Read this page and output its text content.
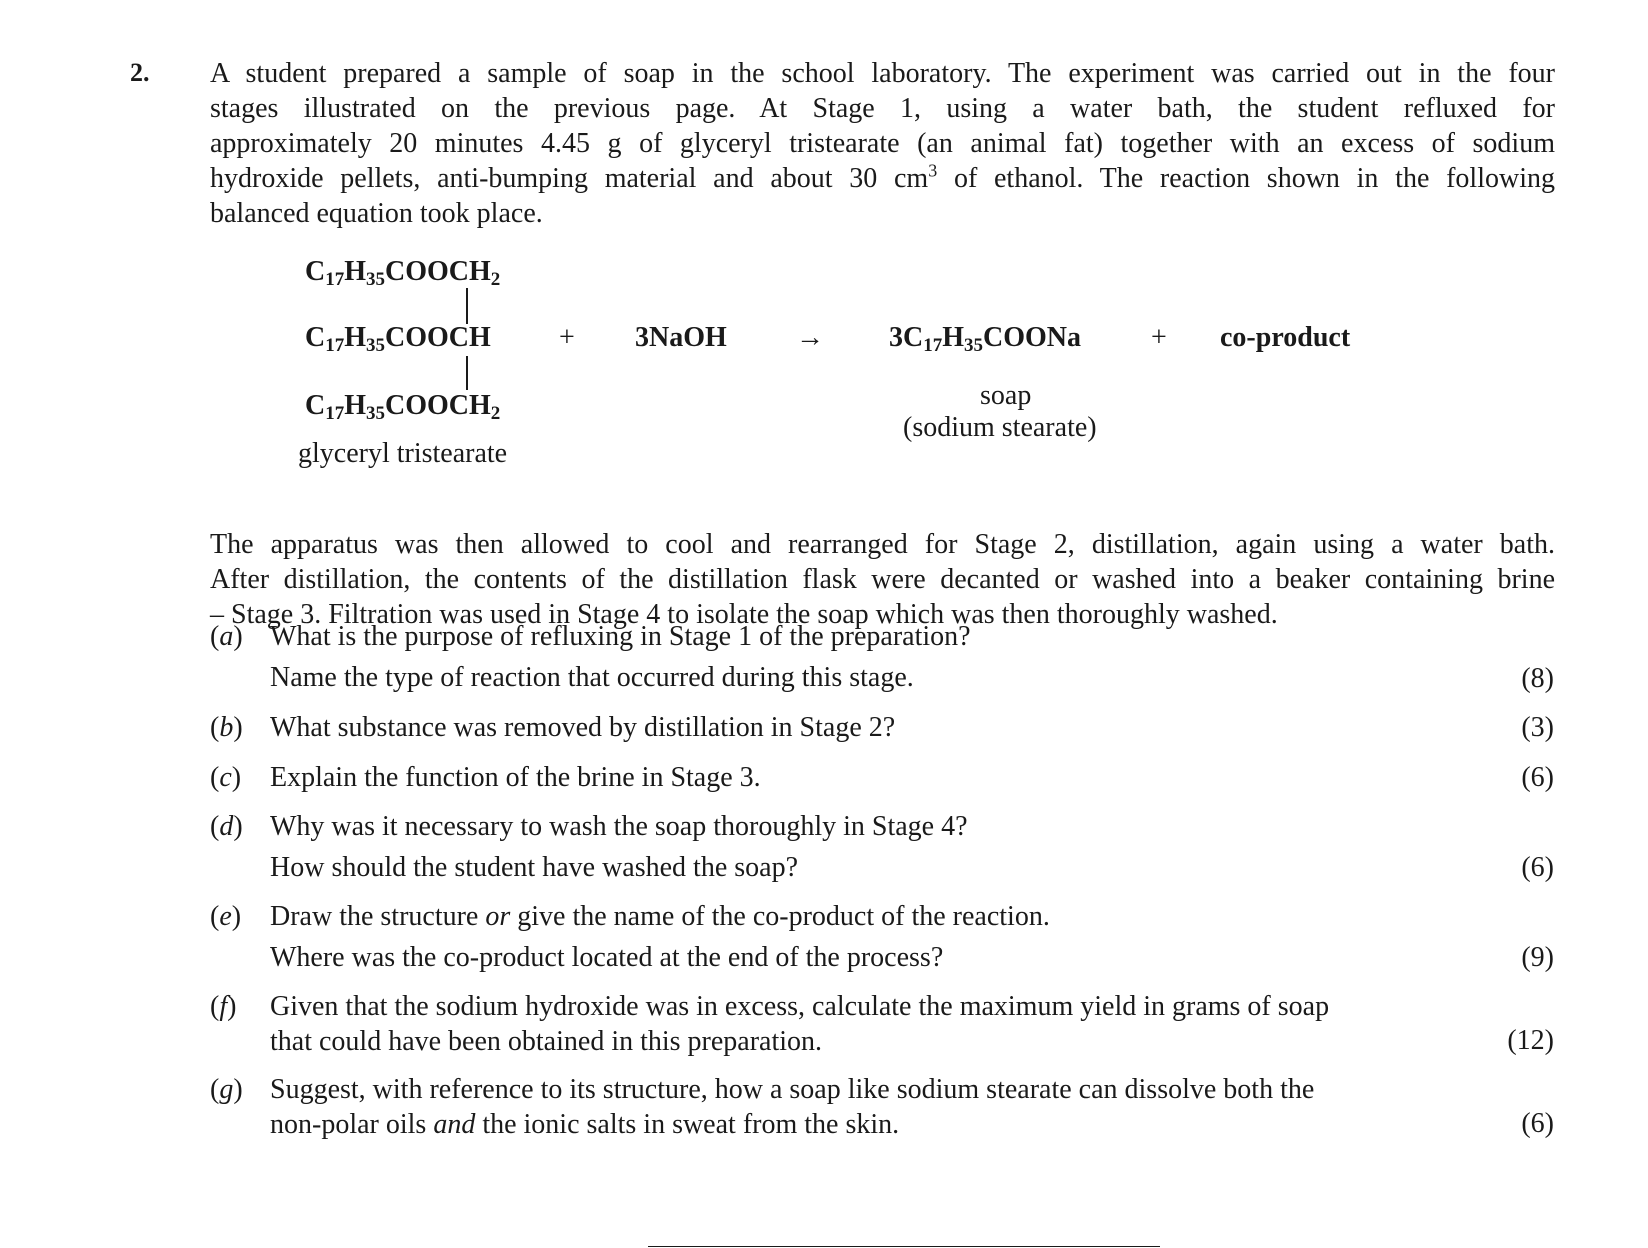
2. A student prepared a sample of soap in the school laboratory. The experiment was carried out in the four
stages illustrated on the previous page. At Stage 1, using a water bath, the student refluxed for
approximately 20 minutes 4.45 g of glyceryl tristearate (an animal fat) together with an excess of sodium
hydroxide pellets, anti-bumping material and about 30 $cm^3$ of ethanol. The reaction shown in the following
balanced equation took place.
$C_{17}H_{35}COOCH_2$
$C_{17}H_{35}COOCH$
$C_{17}H_{35}COOCH_2$
glyceryl tristearate
+ 3NaOH → $3C_{17}H_{35}COONa$ + co-product
soap
(sodium stearate)
The apparatus was then allowed to cool and rearranged for Stage 2, distillation, again using a water bath.
After distillation, the contents of the distillation flask were decanted or washed into a beaker containing brine
– Stage 3. Filtration was used in Stage 4 to isolate the soap which was then thoroughly washed.
(a) What is the purpose of refluxing in Stage 1 of the preparation?
Name the type of reaction that occurred during this stage.	(8)
(b) What substance was removed by distillation in Stage 2?	(3)
(c) Explain the function of the brine in Stage 3.	(6)
(d) Why was it necessary to wash the soap thoroughly in Stage 4?
How should the student have washed the soap?	(6)
(e) Draw the structure or give the name of the co-product of the reaction.
Where was the co-product located at the end of the process?	(9)
(f) Given that the sodium hydroxide was in excess, calculate the maximum yield in grams of soap
that could have been obtained in this preparation.	(12)
(g) Suggest, with reference to its structure, how a soap like sodium stearate can dissolve both the
non-polar oils and the ionic salts in sweat from the skin.	(6)
